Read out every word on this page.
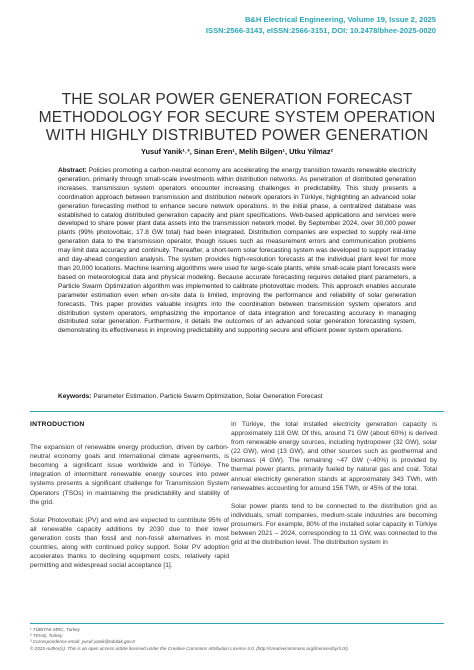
B&H Electrical Engineering, Volume 19, Issue 2, 2025
ISSN:2566-3143, eISSN:2566-3151, DOI: 10.2478/bhee-2025-0020
THE SOLAR POWER GENERATION FORECAST METHODOLOGY FOR SECURE SYSTEM OPERATION WITH HIGHLY DISTRIBUTED POWER GENERATION
Yusuf Yanik¹˒³, Sinan Eren¹, Melih Bilgen¹, Utku Yilmaz²
Abstract: Policies promoting a carbon-neutral economy are accelerating the energy transition towards renewable electricity generation, primarily through small-scale investments within distribution networks. As penetration of distributed generation increases, transmission system operators encounter increasing challenges in predictability. This study presents a coordination approach between transmission and distribution network operators in Türkiye, highlighting an advanced solar generation forecasting method to enhance secure network operations. In the initial phase, a centralized database was established to catalog distributed generation capacity and plant specifications. Web-based applications and services were developed to share power plant data assets into the transmission network model. By September 2024, over 30,000 power plants (99% photovoltaic, 17.8 GW total) had been integrated. Distribution companies are expected to supply real-time generation data to the transmission operator, though issues such as measurement errors and communication problems may limit data accuracy and continuity. Thereafter, a short-term solar forecasting system was developed to support intraday and day-ahead congestion analysis. The system provides high-resolution forecasts at the individual plant level for more than 20,000 locations. Machine learning algorithms were used for large-scale plants, while small-scale plant forecasts were based on meteorological data and physical modeling. Because accurate forecasting requires detailed plant parameters, a Particle Swarm Optimization algorithm was implemented to calibrate photovoltaic models. This approach enables accurate parameter estimation even when on-site data is limited, improving the performance and reliability of solar generation forecasts. This paper provides valuable insights into the coordination between transmission system operators and distribution system operators, emphasizing the importance of data integration and forecasting accuracy in managing distributed solar generation. Furthermore, it details the outcomes of an advanced solar generation forecasting system, demonstrating its effectiveness in improving predictability and supporting secure and efficient power system operations.
Keywords: Parameter Estimation, Particle Swarm Optimization, Solar Generation Forecast
INTRODUCTION

The expansion of renewable energy production, driven by carbon-neutral economy goals and international climate agreements, is becoming a significant issue worldwide and in Türkiye. The integration of intermittent renewable energy sources into power systems presents a significant challenge for Transmission System Operators (TSOs) in maintaining the predictability and stability of the grid.

Solar Photovoltaic (PV) and wind are expected to contribute 95% of all renewable capacity additions by 2030 due to their lower generation costs than fossil and non-fossil alternatives in most countries, along with continued policy support. Solar PV adoption accelerates thanks to declining equipment costs, relatively rapid permitting and widespread social acceptance [1].

In Türkiye, the total installed electricity generation capacity is approximately 118 GW. Of this, around 71 GW (about 60%) is derived from renewable energy sources, including hydropower (32 GW), solar (22 GW), wind (13 GW), and other sources such as geothermal and biomass (4 GW). The remaining ~47 GW (~40%) is provided by thermal power plants, primarily fueled by natural gas and coal. Total annual electricity generation stands at approximately 343 TWh, with renewables accounting for around 156 TWh, or 45% of the total.

Solar power plants tend to be connected to the distribution grid as individuals, small companies, medium-scale industries are becoming prosumers. For example, 80% of the installed solar capacity in Türkiye between 2021 – 2024, corresponding to 11 GW, was connected to the grid at the distribution level. The distribution system in

¹ TÜBITAK MRC, Turkey
² TEIAŞ, Turkey
³ Correspondence email: yusuf.yanik@tubitak.gov.tr
© 2025 Author(s). This is an open access article licensed under the Creative Commons Attribution License 4.0. (http://creativecommons.org/licenses/by/4.0/).
